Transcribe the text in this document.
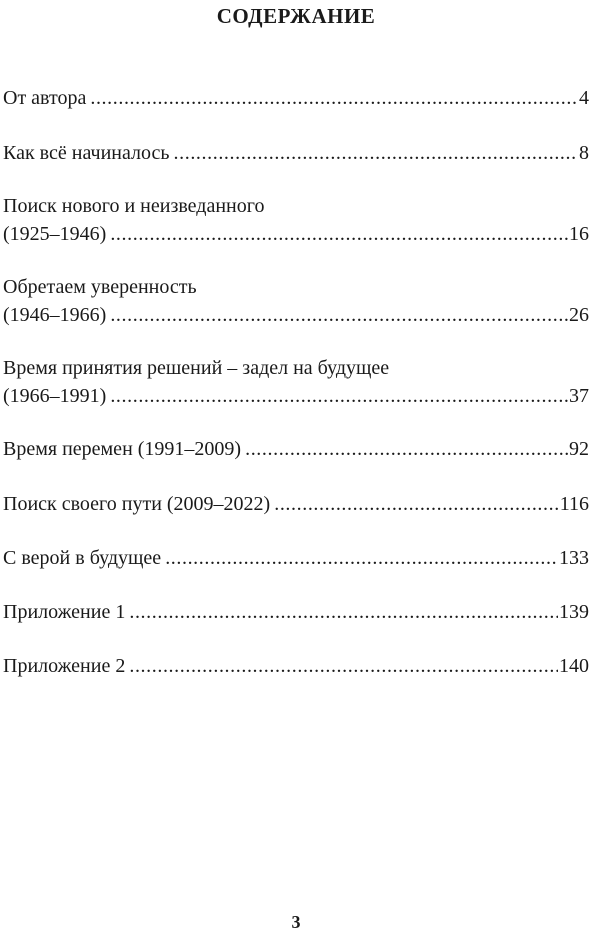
СОДЕРЖАНИЕ
От автора .....	4
Как всё начиналось .....	8
Поиск нового и неизведанного
(1925–1946) .....	16
Обретаем уверенность
(1946–1966) .....	26
Время принятия решений – задел на будущее
(1966–1991) .....	37
Время перемен (1991–2009) .....	92
Поиск своего пути (2009–2022) .....	116
С верой в будущее .....	133
Приложение 1 .....	139
Приложение 2 .....	140
3
